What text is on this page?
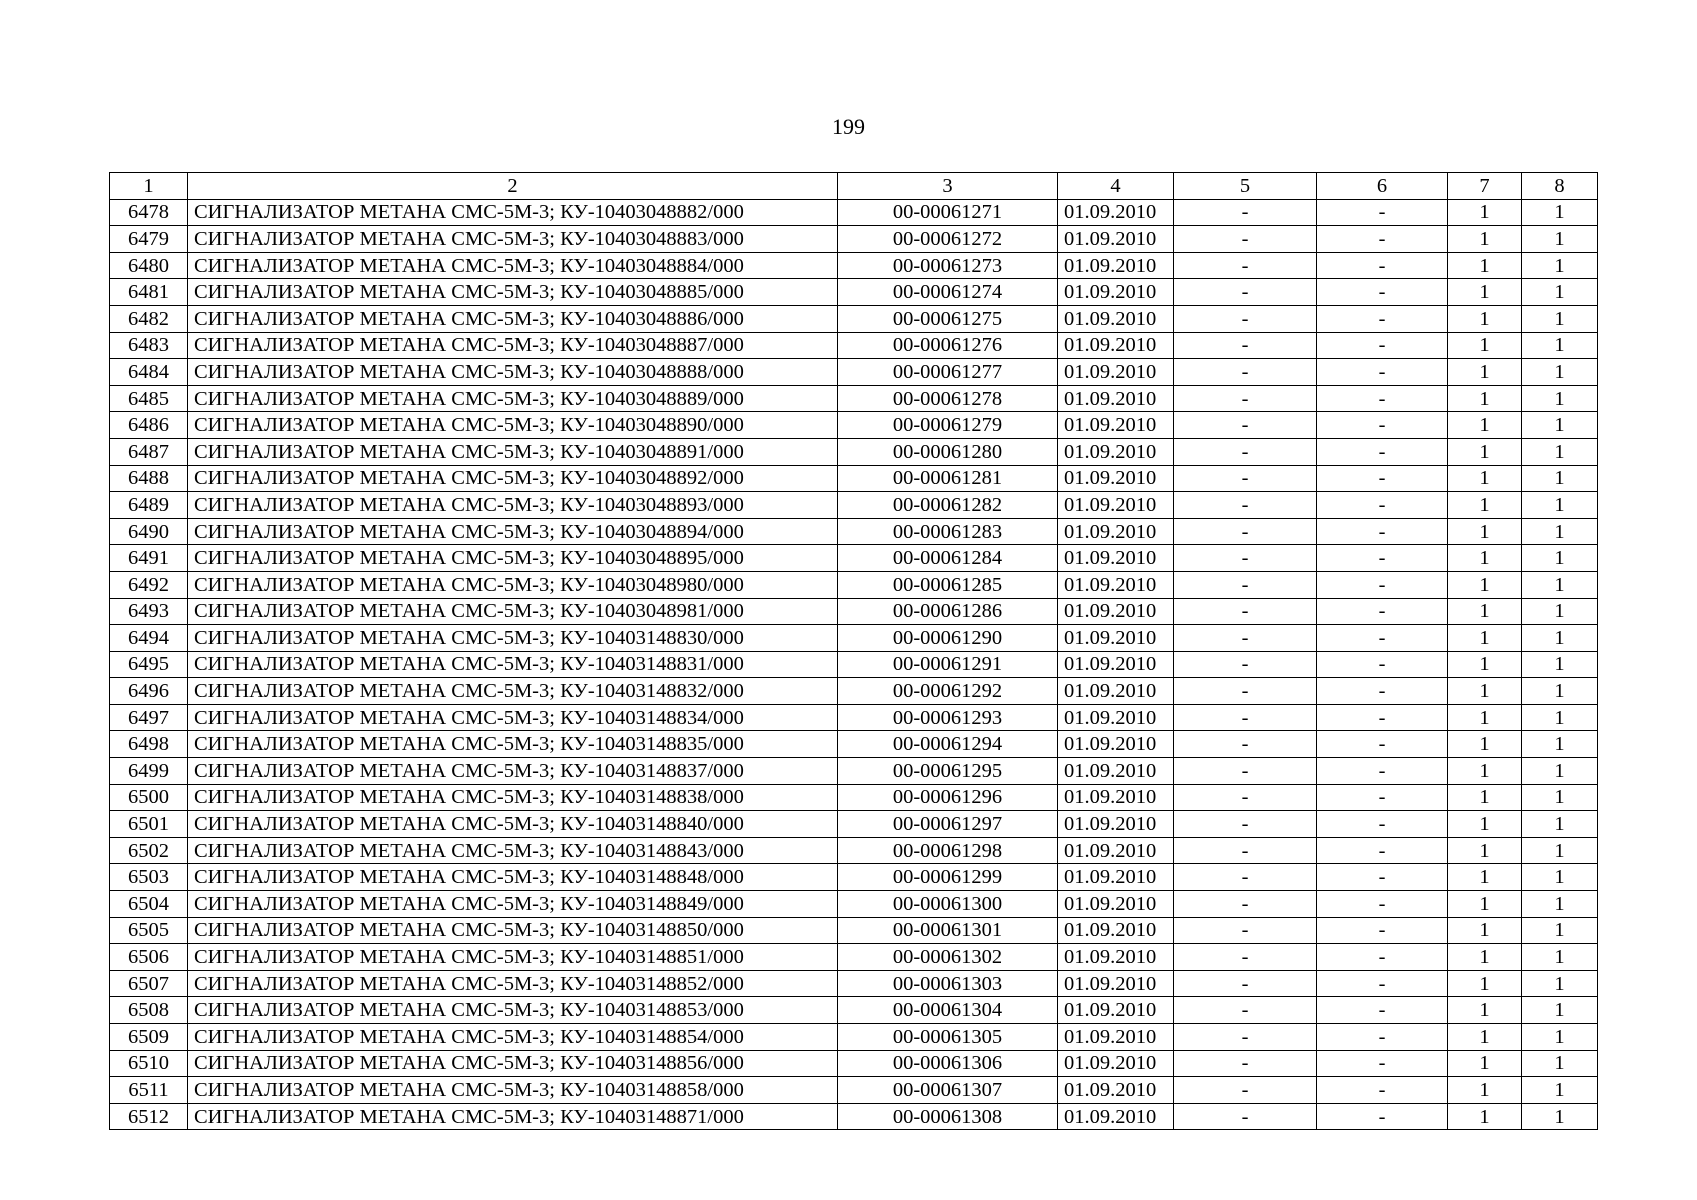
199
1	2	3	4	5	6	7	8
6478	СИГНАЛИЗАТОР МЕТАНА СМС-5М-3; КУ-10403048882/000	00-00061271	01.09.2010	-	-	1	1
6479	СИГНАЛИЗАТОР МЕТАНА СМС-5М-3; КУ-10403048883/000	00-00061272	01.09.2010	-	-	1	1
6480	СИГНАЛИЗАТОР МЕТАНА СМС-5М-3; КУ-10403048884/000	00-00061273	01.09.2010	-	-	1	1
6481	СИГНАЛИЗАТОР МЕТАНА СМС-5М-3; КУ-10403048885/000	00-00061274	01.09.2010	-	-	1	1
6482	СИГНАЛИЗАТОР МЕТАНА СМС-5М-3; КУ-10403048886/000	00-00061275	01.09.2010	-	-	1	1
6483	СИГНАЛИЗАТОР МЕТАНА СМС-5М-3; КУ-10403048887/000	00-00061276	01.09.2010	-	-	1	1
6484	СИГНАЛИЗАТОР МЕТАНА СМС-5М-3; КУ-10403048888/000	00-00061277	01.09.2010	-	-	1	1
6485	СИГНАЛИЗАТОР МЕТАНА СМС-5М-3; КУ-10403048889/000	00-00061278	01.09.2010	-	-	1	1
6486	СИГНАЛИЗАТОР МЕТАНА СМС-5М-3; КУ-10403048890/000	00-00061279	01.09.2010	-	-	1	1
6487	СИГНАЛИЗАТОР МЕТАНА СМС-5М-3; КУ-10403048891/000	00-00061280	01.09.2010	-	-	1	1
6488	СИГНАЛИЗАТОР МЕТАНА СМС-5М-3; КУ-10403048892/000	00-00061281	01.09.2010	-	-	1	1
6489	СИГНАЛИЗАТОР МЕТАНА СМС-5М-3; КУ-10403048893/000	00-00061282	01.09.2010	-	-	1	1
6490	СИГНАЛИЗАТОР МЕТАНА СМС-5М-3; КУ-10403048894/000	00-00061283	01.09.2010	-	-	1	1
6491	СИГНАЛИЗАТОР МЕТАНА СМС-5М-3; КУ-10403048895/000	00-00061284	01.09.2010	-	-	1	1
6492	СИГНАЛИЗАТОР МЕТАНА СМС-5М-3; КУ-10403048980/000	00-00061285	01.09.2010	-	-	1	1
6493	СИГНАЛИЗАТОР МЕТАНА СМС-5М-3; КУ-10403048981/000	00-00061286	01.09.2010	-	-	1	1
6494	СИГНАЛИЗАТОР МЕТАНА СМС-5М-3; КУ-10403148830/000	00-00061290	01.09.2010	-	-	1	1
6495	СИГНАЛИЗАТОР МЕТАНА СМС-5М-3; КУ-10403148831/000	00-00061291	01.09.2010	-	-	1	1
6496	СИГНАЛИЗАТОР МЕТАНА СМС-5М-3; КУ-10403148832/000	00-00061292	01.09.2010	-	-	1	1
6497	СИГНАЛИЗАТОР МЕТАНА СМС-5М-3; КУ-10403148834/000	00-00061293	01.09.2010	-	-	1	1
6498	СИГНАЛИЗАТОР МЕТАНА СМС-5М-3; КУ-10403148835/000	00-00061294	01.09.2010	-	-	1	1
6499	СИГНАЛИЗАТОР МЕТАНА СМС-5М-3; КУ-10403148837/000	00-00061295	01.09.2010	-	-	1	1
6500	СИГНАЛИЗАТОР МЕТАНА СМС-5М-3; КУ-10403148838/000	00-00061296	01.09.2010	-	-	1	1
6501	СИГНАЛИЗАТОР МЕТАНА СМС-5М-3; КУ-10403148840/000	00-00061297	01.09.2010	-	-	1	1
6502	СИГНАЛИЗАТОР МЕТАНА СМС-5М-3; КУ-10403148843/000	00-00061298	01.09.2010	-	-	1	1
6503	СИГНАЛИЗАТОР МЕТАНА СМС-5М-3; КУ-10403148848/000	00-00061299	01.09.2010	-	-	1	1
6504	СИГНАЛИЗАТОР МЕТАНА СМС-5М-3; КУ-10403148849/000	00-00061300	01.09.2010	-	-	1	1
6505	СИГНАЛИЗАТОР МЕТАНА СМС-5М-3; КУ-10403148850/000	00-00061301	01.09.2010	-	-	1	1
6506	СИГНАЛИЗАТОР МЕТАНА СМС-5М-3; КУ-10403148851/000	00-00061302	01.09.2010	-	-	1	1
6507	СИГНАЛИЗАТОР МЕТАНА СМС-5М-3; КУ-10403148852/000	00-00061303	01.09.2010	-	-	1	1
6508	СИГНАЛИЗАТОР МЕТАНА СМС-5М-3; КУ-10403148853/000	00-00061304	01.09.2010	-	-	1	1
6509	СИГНАЛИЗАТОР МЕТАНА СМС-5М-3; КУ-10403148854/000	00-00061305	01.09.2010	-	-	1	1
6510	СИГНАЛИЗАТОР МЕТАНА СМС-5М-3; КУ-10403148856/000	00-00061306	01.09.2010	-	-	1	1
6511	СИГНАЛИЗАТОР МЕТАНА СМС-5М-3; КУ-10403148858/000	00-00061307	01.09.2010	-	-	1	1
6512	СИГНАЛИЗАТОР МЕТАНА СМС-5М-3; КУ-10403148871/000	00-00061308	01.09.2010	-	-	1	1
